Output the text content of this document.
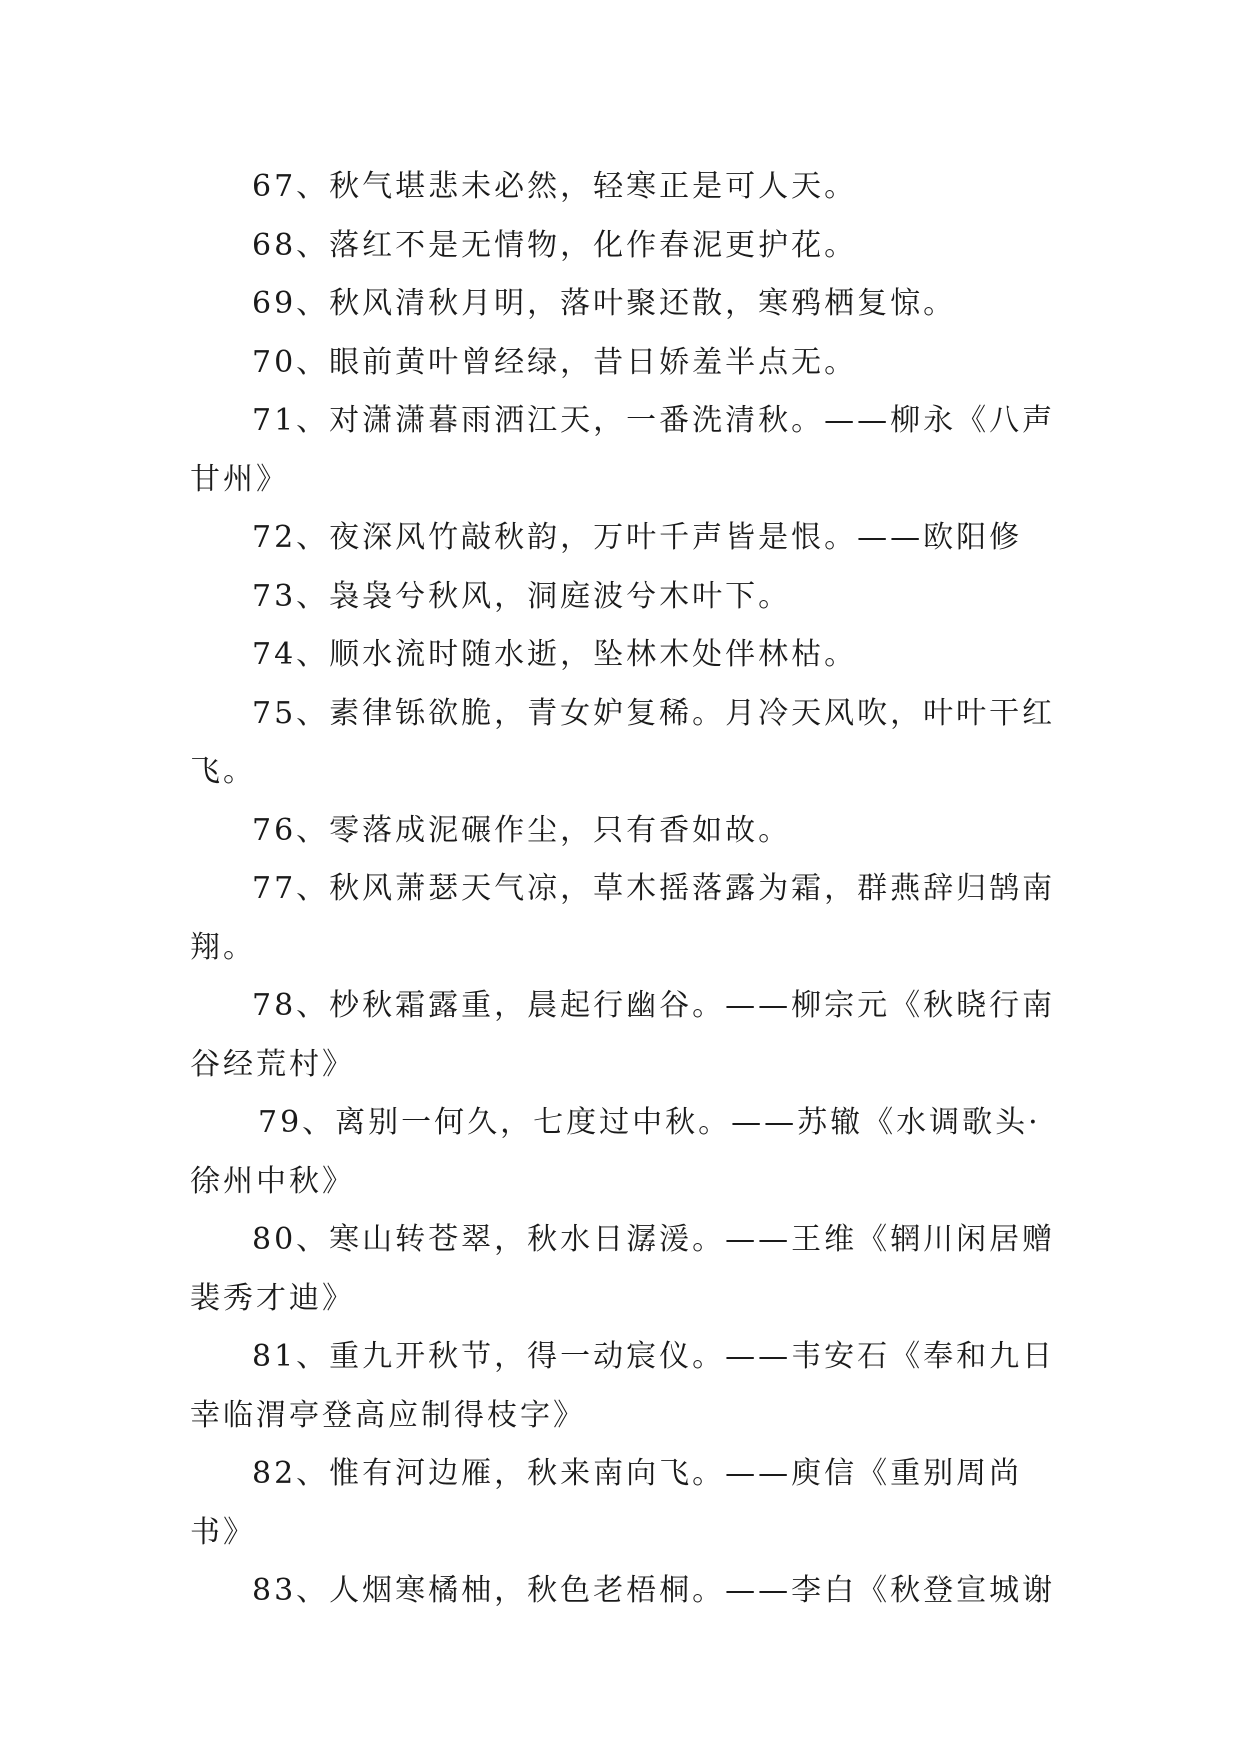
67、秋气堪悲未必然，轻寒正是可人天。

68、落红不是无情物，化作春泥更护花。

69、秋风清秋月明，落叶聚还散，寒鸦栖复惊。

70、眼前黄叶曾经绿，昔日娇羞半点无。

71、对潇潇暮雨洒江天，一番洗清秋。——柳永《八声甘州》

72、夜深风竹敲秋韵，万叶千声皆是恨。——欧阳修

73、袅袅兮秋风，洞庭波兮木叶下。

74、顺水流时随水逝，坠林木处伴林枯。

75、素律铄欲脆，青女妒复稀。月冷天风吹，叶叶干红飞。

76、零落成泥碾作尘，只有香如故。

77、秋风萧瑟天气凉，草木摇落露为霜，群燕辞归鹄南翔。

78、杪秋霜露重，晨起行幽谷。——柳宗元《秋晓行南谷经荒村》

79、离别一何久，七度过中秋。——苏辙《水调歌头·徐州中秋》

80、寒山转苍翠，秋水日潺湲。——王维《辋川闲居赠裴秀才迪》

81、重九开秋节，得一动宸仪。——韦安石《奉和九日幸临渭亭登高应制得枝字》

82、惟有河边雁，秋来南向飞。——庾信《重别周尚书》

83、人烟寒橘柚，秋色老梧桐。——李白《秋登宣城谢
